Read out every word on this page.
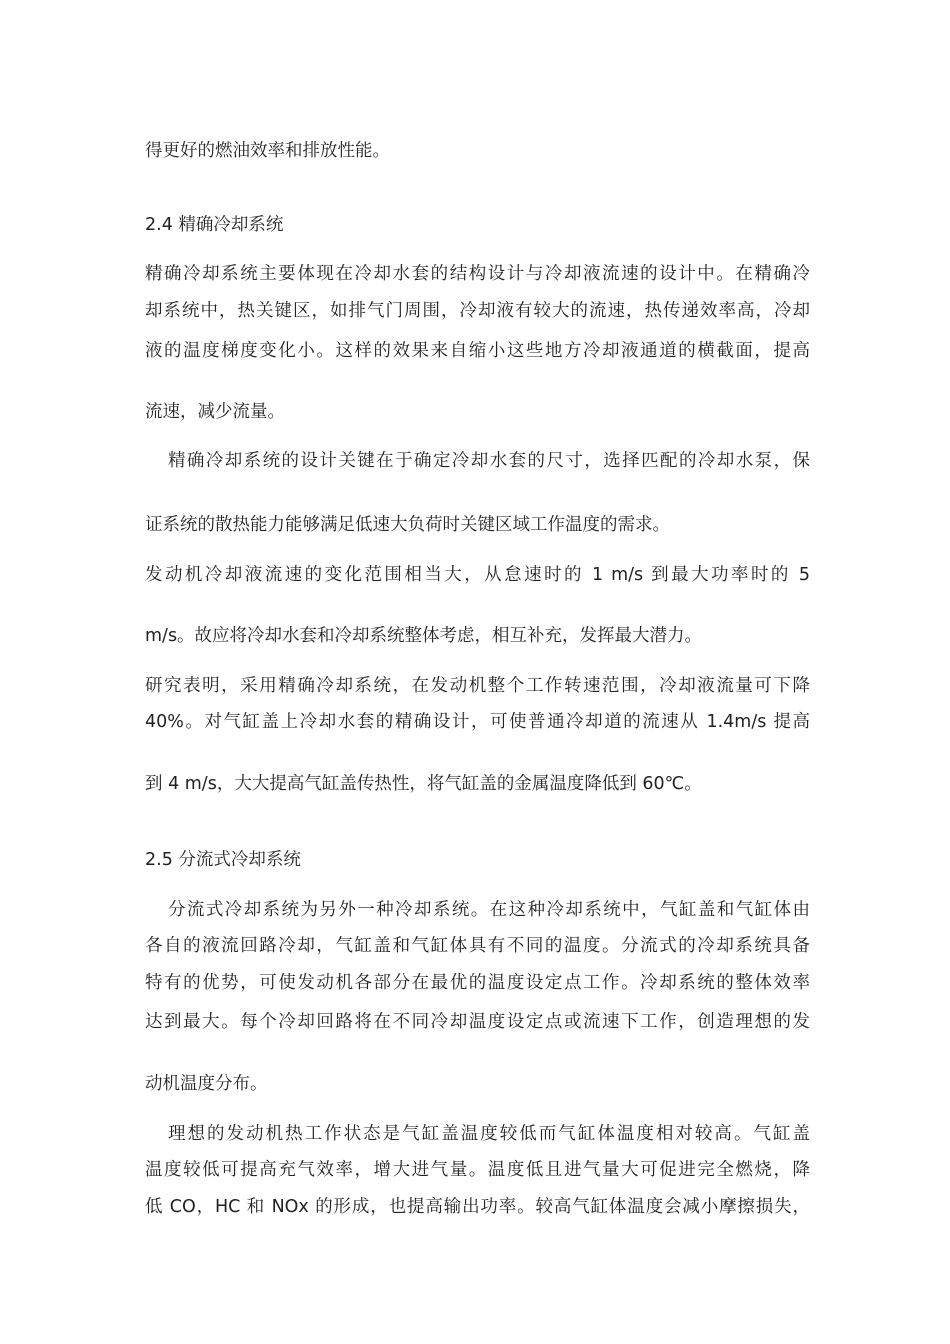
得更好的燃油效率和排放性能。
2.4 精确冷却系统
精确冷却系统主要体现在冷却水套的结构设计与冷却液流速的设计中。在精确冷
却系统中，热关键区，如排气门周围，冷却液有较大的流速，热传递效率高，冷却
液的温度梯度变化小。这样的效果来自缩小这些地方冷却液通道的横截面，提高
流速，减少流量。
精确冷却系统的设计关键在于确定冷却水套的尺寸，选择匹配的冷却水泵，保
证系统的散热能力能够满足低速大负荷时关键区域工作温度的需求。
发动机冷却液流速的变化范围相当大，从怠速时的 1 m/s 到最大功率时的 5
m/s。故应将冷却水套和冷却系统整体考虑，相互补充，发挥最大潜力。
研究表明，采用精确冷却系统，在发动机整个工作转速范围，冷却液流量可下降
40%。对气缸盖上冷却水套的精确设计，可使普通冷却道的流速从 1.4m/s 提高
到 4 m/s，大大提高气缸盖传热性，将气缸盖的金属温度降低到 60℃。
2.5 分流式冷却系统
分流式冷却系统为另外一种冷却系统。在这种冷却系统中，气缸盖和气缸体由
各自的液流回路冷却，气缸盖和气缸体具有不同的温度。分流式的冷却系统具备
特有的优势，可使发动机各部分在最优的温度设定点工作。冷却系统的整体效率
达到最大。每个冷却回路将在不同冷却温度设定点或流速下工作，创造理想的发
动机温度分布。
理想的发动机热工作状态是气缸盖温度较低而气缸体温度相对较高。气缸盖
温度较低可提高充气效率，增大进气量。温度低且进气量大可促进完全燃烧，降
低 CO，HC 和 NOx 的形成，也提高输出功率。较高气缸体温度会减小摩擦损失，
